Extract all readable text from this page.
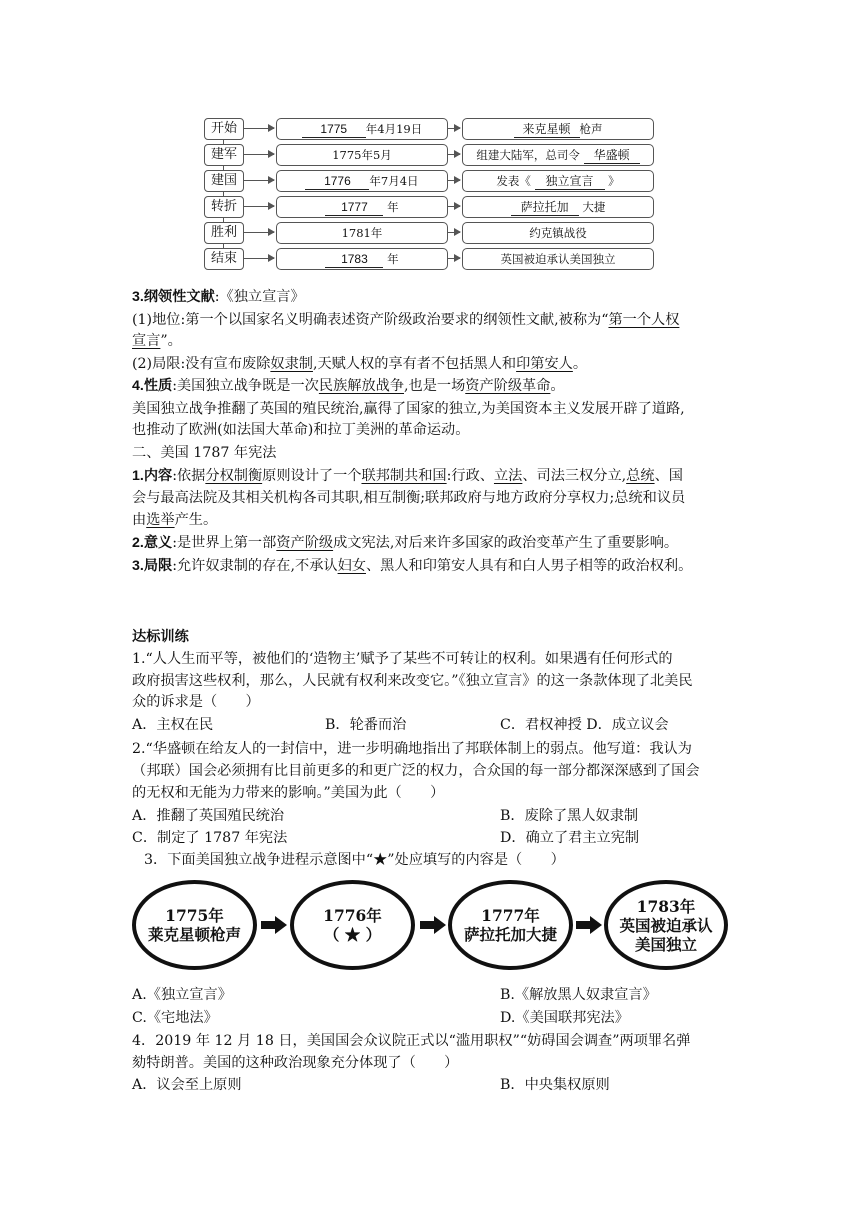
开始	1775 年4月19日	来克星顿 枪声
建军	1775年5月	组建大陆军，总司令 华盛顿
建国	1776 年7月4日	发表《 独立宣言 》
转折	1777 年	萨拉托加 大捷
胜利	1781年	约克镇战役
结束	1783 年	英国被迫承认美国独立
3.纲领性文献:《独立宣言》
(1)地位:第一个以国家名义明确表述资产阶级政治要求的纲领性文献,被称为“第一个人权
宣言”。
(2)局限:没有宣布废除奴隶制,天赋人权的享有者不包括黑人和印第安人。
4.性质:美国独立战争既是一次民族解放战争,也是一场资产阶级革命。
美国独立战争推翻了英国的殖民统治,赢得了国家的独立,为美国资本主义发展开辟了道路,
也推动了欧洲(如法国大革命)和拉丁美洲的革命运动。
二、美国 1787 年宪法
1.内容:依据分权制衡原则设计了一个联邦制共和国:行政、立法、司法三权分立,总统、国
会与最高法院及其相关机构各司其职,相互制衡;联邦政府与地方政府分享权力;总统和议员
由选举产生。
2.意义:是世界上第一部资产阶级成文宪法,对后来许多国家的政治变革产生了重要影响。
3.局限:允许奴隶制的存在,不承认妇女、黑人和印第安人具有和白人男子相等的政治权利。
达标训练
1.“人人生而平等，被他们的‘造物主’赋予了某些不可转让的权利。如果遇有任何形式的
政府损害这些权利，那么，人民就有权利来改变它。”《独立宣言》的这一条款体现了北美民
众的诉求是（　　）
A．主权在民	B．轮番而治	C．君权神授 D．成立议会
2.“华盛顿在给友人的一封信中，进一步明确地指出了邦联体制上的弱点。他写道：我认为
（邦联）国会必须拥有比目前更多的和更广泛的权力，合众国的每一部分都深深感到了国会
的无权和无能为力带来的影响。”美国为此（　　）
A．推翻了英国殖民统治	B．废除了黑人奴隶制
C．制定了 1787 年宪法	D．确立了君主立宪制
3．下面美国独立战争进程示意图中“★”处应填写的内容是（　　）
1775年
莱克星顿枪声
1776年
（ ★ ）
1777年
萨拉托加大捷
1783年
英国被迫承认
美国独立
A.《独立宣言》	B.《解放黑人奴隶宣言》
C.《宅地法》	D.《美国联邦宪法》
4．2019 年 12 月 18 日，美国国会众议院正式以“滥用职权”“妨碍国会调查”两项罪名弹
劾特朗普。美国的这种政治现象充分体现了（　　）
A．议会至上原则	B．中央集权原则
